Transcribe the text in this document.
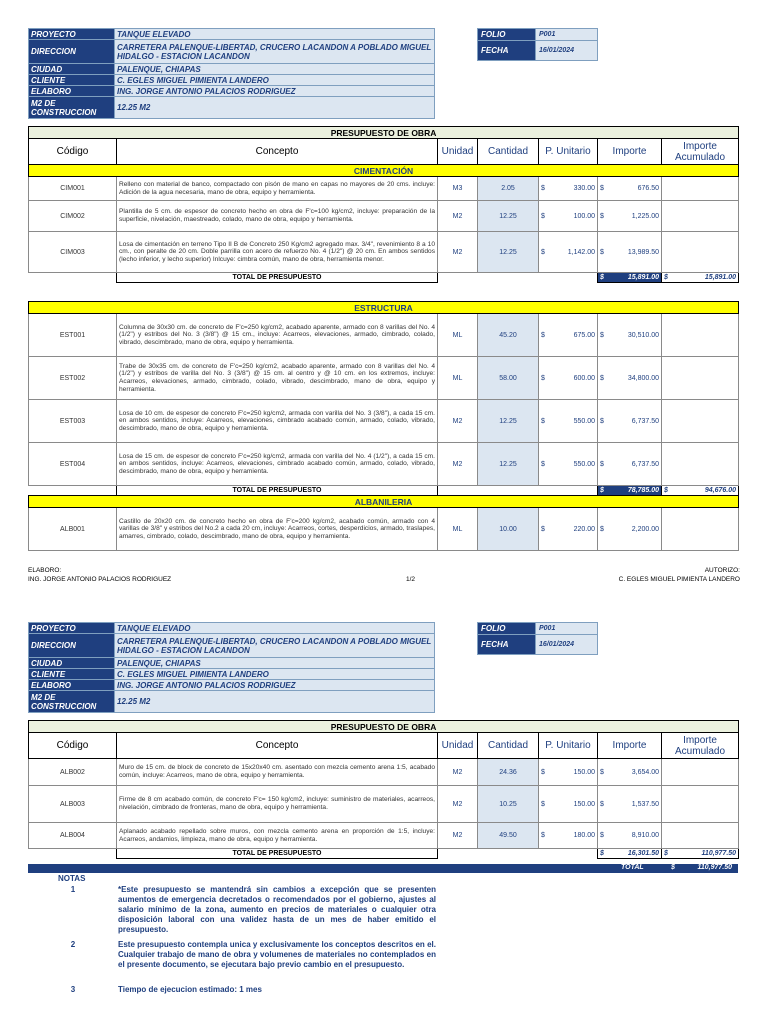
PROYECTO	TANQUE ELEVADO
DIRECCION	CARRETERA PALENQUE-LIBERTAD, CRUCERO LACANDON A POBLADO MIGUEL HIDALGO - ESTACION LACANDON
CIUDAD	PALENQUE, CHIAPAS
CLIENTE	C. EGLES MIGUEL PIMIENTA LANDERO
ELABORO	ING. JORGE ANTONIO PALACIOS RODRIGUEZ
M2 DE CONSTRUCCION	12.25 M2
FOLIO	P001
FECHA	16/01/2024
PRESUPUESTO DE OBRA						
Código	Concepto	Unidad	Cantidad	P. Unitario	Importe	Importe Acumulado
CIMENTACIÓN						
CIM001	Relleno con material de banco, compactado con pisón de mano en capas no mayores de 20 cms. incluye: Adición de la agua necesaria, mano de obra, equipo y herramienta.	M3	2.05	$ 330.00	$ 676.50	

CIM002	Plantilla de 5 cm. de espesor de concreto hecho en obra de F'c=100 kg/cm2, incluye: preparación de la superficie, nivelación, maestreado, colado, mano de obra, equipo y herramienta.	M2	12.25	$ 100.00	$ 1,225.00	

CIM003	Losa de cimentación en terreno Tipo II B de Concreto 250 Kg/cm2 agregado max. 3/4", revenimiento 8 a 10 cm., con peralte de 20 cm. Doble parrilla con acero de refuerzo No. 4 (1/2") @ 20 cm. En ambos sentidos (lecho inferior, y lecho superior) Inlcuye: cimbra común, mano de obra, herramienta menor.	M2	12.25	$ 1,142.00	$ 13,989.50	

	TOTAL DE PRESUPUESTO				$ 15,891.00	$ 15,891.00
ESTRUCTURA						
EST001	Columna de 30x30 cm. de concreto de F'c=250 kg/cm2, acabado aparente, armado con 8 varillas del No. 4 (1/2") y estribos del No. 3 (3/8") @ 15 cm., incluye: Acarreos, elevaciones, armado, cimbrado, colado, vibrado, descimbrado, mano de obra, equipo y herramienta.	ML	45.20	$ 675.00	$ 30,510.00	

EST002	Trabe de 30x35 cm. de concreto de F'c=250 kg/cm2, acabado aparente, armado con 8 varillas del No. 4 (1/2") y estribos de varilla del No. 3 (3/8") @ 15 cm. al centro y @ 10 cm. en los extremos, incluye: Acarreos, elevaciones, armado, cimbrado, colado, vibrado, descimbrado, mano de obra, equipo y herramienta.	ML	58.00	$ 600.00	$ 34,800.00	

EST003	Losa de 10 cm. de espesor de concreto F'c=250 kg/cm2, armada con varilla del No. 3 (3/8"), a cada 15 cm. en ambos sentidos, incluye: Acarreos, elevaciones, cimbrado acabado común, armado, colado, vibrado, descimbrado, mano de obra, equipo y herramienta.	M2	12.25	$ 550.00	$ 6,737.50	

EST004	Losa de 15 cm. de espesor de concreto F'c=250 kg/cm2, armada con varilla del No. 4 (1/2"), a cada 15 cm. en ambos sentidos, incluye: Acarreos, elevaciones, cimbrado acabado común, armado, colado, vibrado, descimbrado, mano de obra, equipo y herramienta.	M2	12.25	$ 550.00	$ 6,737.50	

	TOTAL DE PRESUPUESTO				$ 78,785.00	$ 94,676.00

ALBANILERIA						
ALB001	Castillo de 20x20 cm. de concreto hecho en obra de F'c=200 kg/cm2, acabado común, armado con 4 varillas de 3/8" y estribos del No.2 a cada 20 cm, incluye: Acarreos, cortes, desperdicios, armado, traslapes, amarres, cimbrado, colado, descimbrado, mano de obra, equipo y herramienta.	ML	10.00	$ 220.00	$ 2,200.00	

ELABORO:
ING. JORGE ANTONIO PALACIOS RODRIGUEZ	1/2
AUTORIZO:
C. EGLES MIGUEL PIMIENTA LANDERO
PROYECTO	TANQUE ELEVADO
DIRECCION	CARRETERA PALENQUE-LIBERTAD, CRUCERO LACANDON A POBLADO MIGUEL HIDALGO - ESTACION LACANDON
CIUDAD	PALENQUE, CHIAPAS
CLIENTE	C. EGLES MIGUEL PIMIENTA LANDERO
ELABORO	ING. JORGE ANTONIO PALACIOS RODRIGUEZ
M2 DE CONSTRUCCION	12.25 M2
FOLIO	P001
FECHA	16/01/2024
PRESUPUESTO DE OBRA						
Código	Concepto	Unidad	Cantidad	P. Unitario	Importe	Importe Acumulado
ALB002	Muro de 15 cm. de block de concreto de 15x20x40 cm. asentado con mezcla cemento arena 1:5, acabado común, incluye: Acarreos, mano de obra, equipo y herramienta.	M2	24.36	$ 150.00	$ 3,654.00	

ALB003	Firme de 8 cm acabado común, de concreto F'c= 150 kg/cm2, incluye: suministro de materiales, acarreos, nivelación, cimbrado de fronteras, mano de obra, equipo y herramienta.	M2	10.25	$ 150.00	$ 1,537.50	

ALB004	Aplanado acabado repellado sobre muros, con mezcla cemento arena en proporción de 1:5, incluye: Acarreos, andamios, limpieza, mano de obra, equipo y herramienta.	M2	49.50	$ 180.00	$ 8,910.00	

	TOTAL DE PRESUPUESTO				$ 16,301.50	$ 110,977.50
TOTAL	$	110,977.50
NOTAS
1	*Este presupuesto se mantendrá sin cambios a excepción que se presenten aumentos de emergencia decretados o recomendados por el gobierno, ajustes al salario mínimo de la zona, aumento en precios de materiales o cualquier otra disposición laboral con una validez hasta de un mes de haber emitido el presupuesto.
2	Este presupuesto contempla unica y exclusivamente los conceptos descritos en el. Cualquier trabajo de mano de obra y volumenes de materiales no contemplados en el presente documento, se ejecutara bajo previo cambio en el presupuesto.
3	Tiempo de ejecucion estimado: 1 mes
